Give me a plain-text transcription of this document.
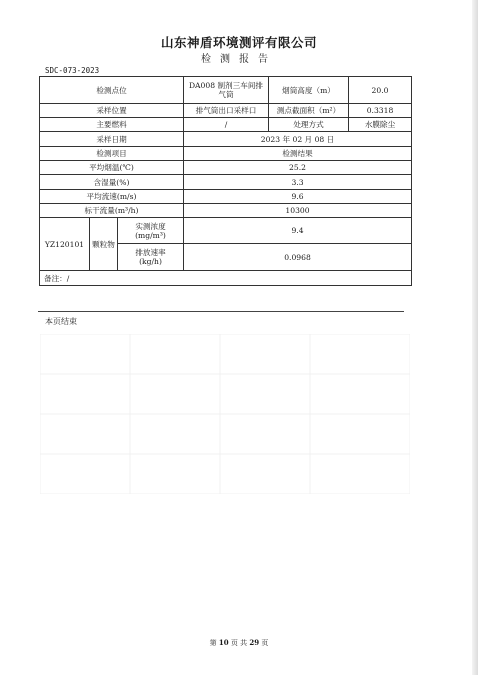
山东神盾环境测评有限公司
检测报告
SDC-073-2023
检测点位			DA008 制剂三车间排气筒	烟筒高度（m）	20.0
采样位置			排气筒出口采样口	测点截面积（m²）	0.3318
主要燃料			/	处理方式	水膜除尘
采样日期			2023 年 02 月 08 日		
检测项目			检测结果		
平均烟温(℃)			25.2		
含湿量(%)			3.3		
平均流速(m/s)			9.6		
标干流量(m³/h)			10300		
YZ120101	颗粒物	实测浓度(mg/m³)	9.4		
		排放速率(kg/h)	0.0968		
备注：/					
本页结束
第 10 页 共 29 页
